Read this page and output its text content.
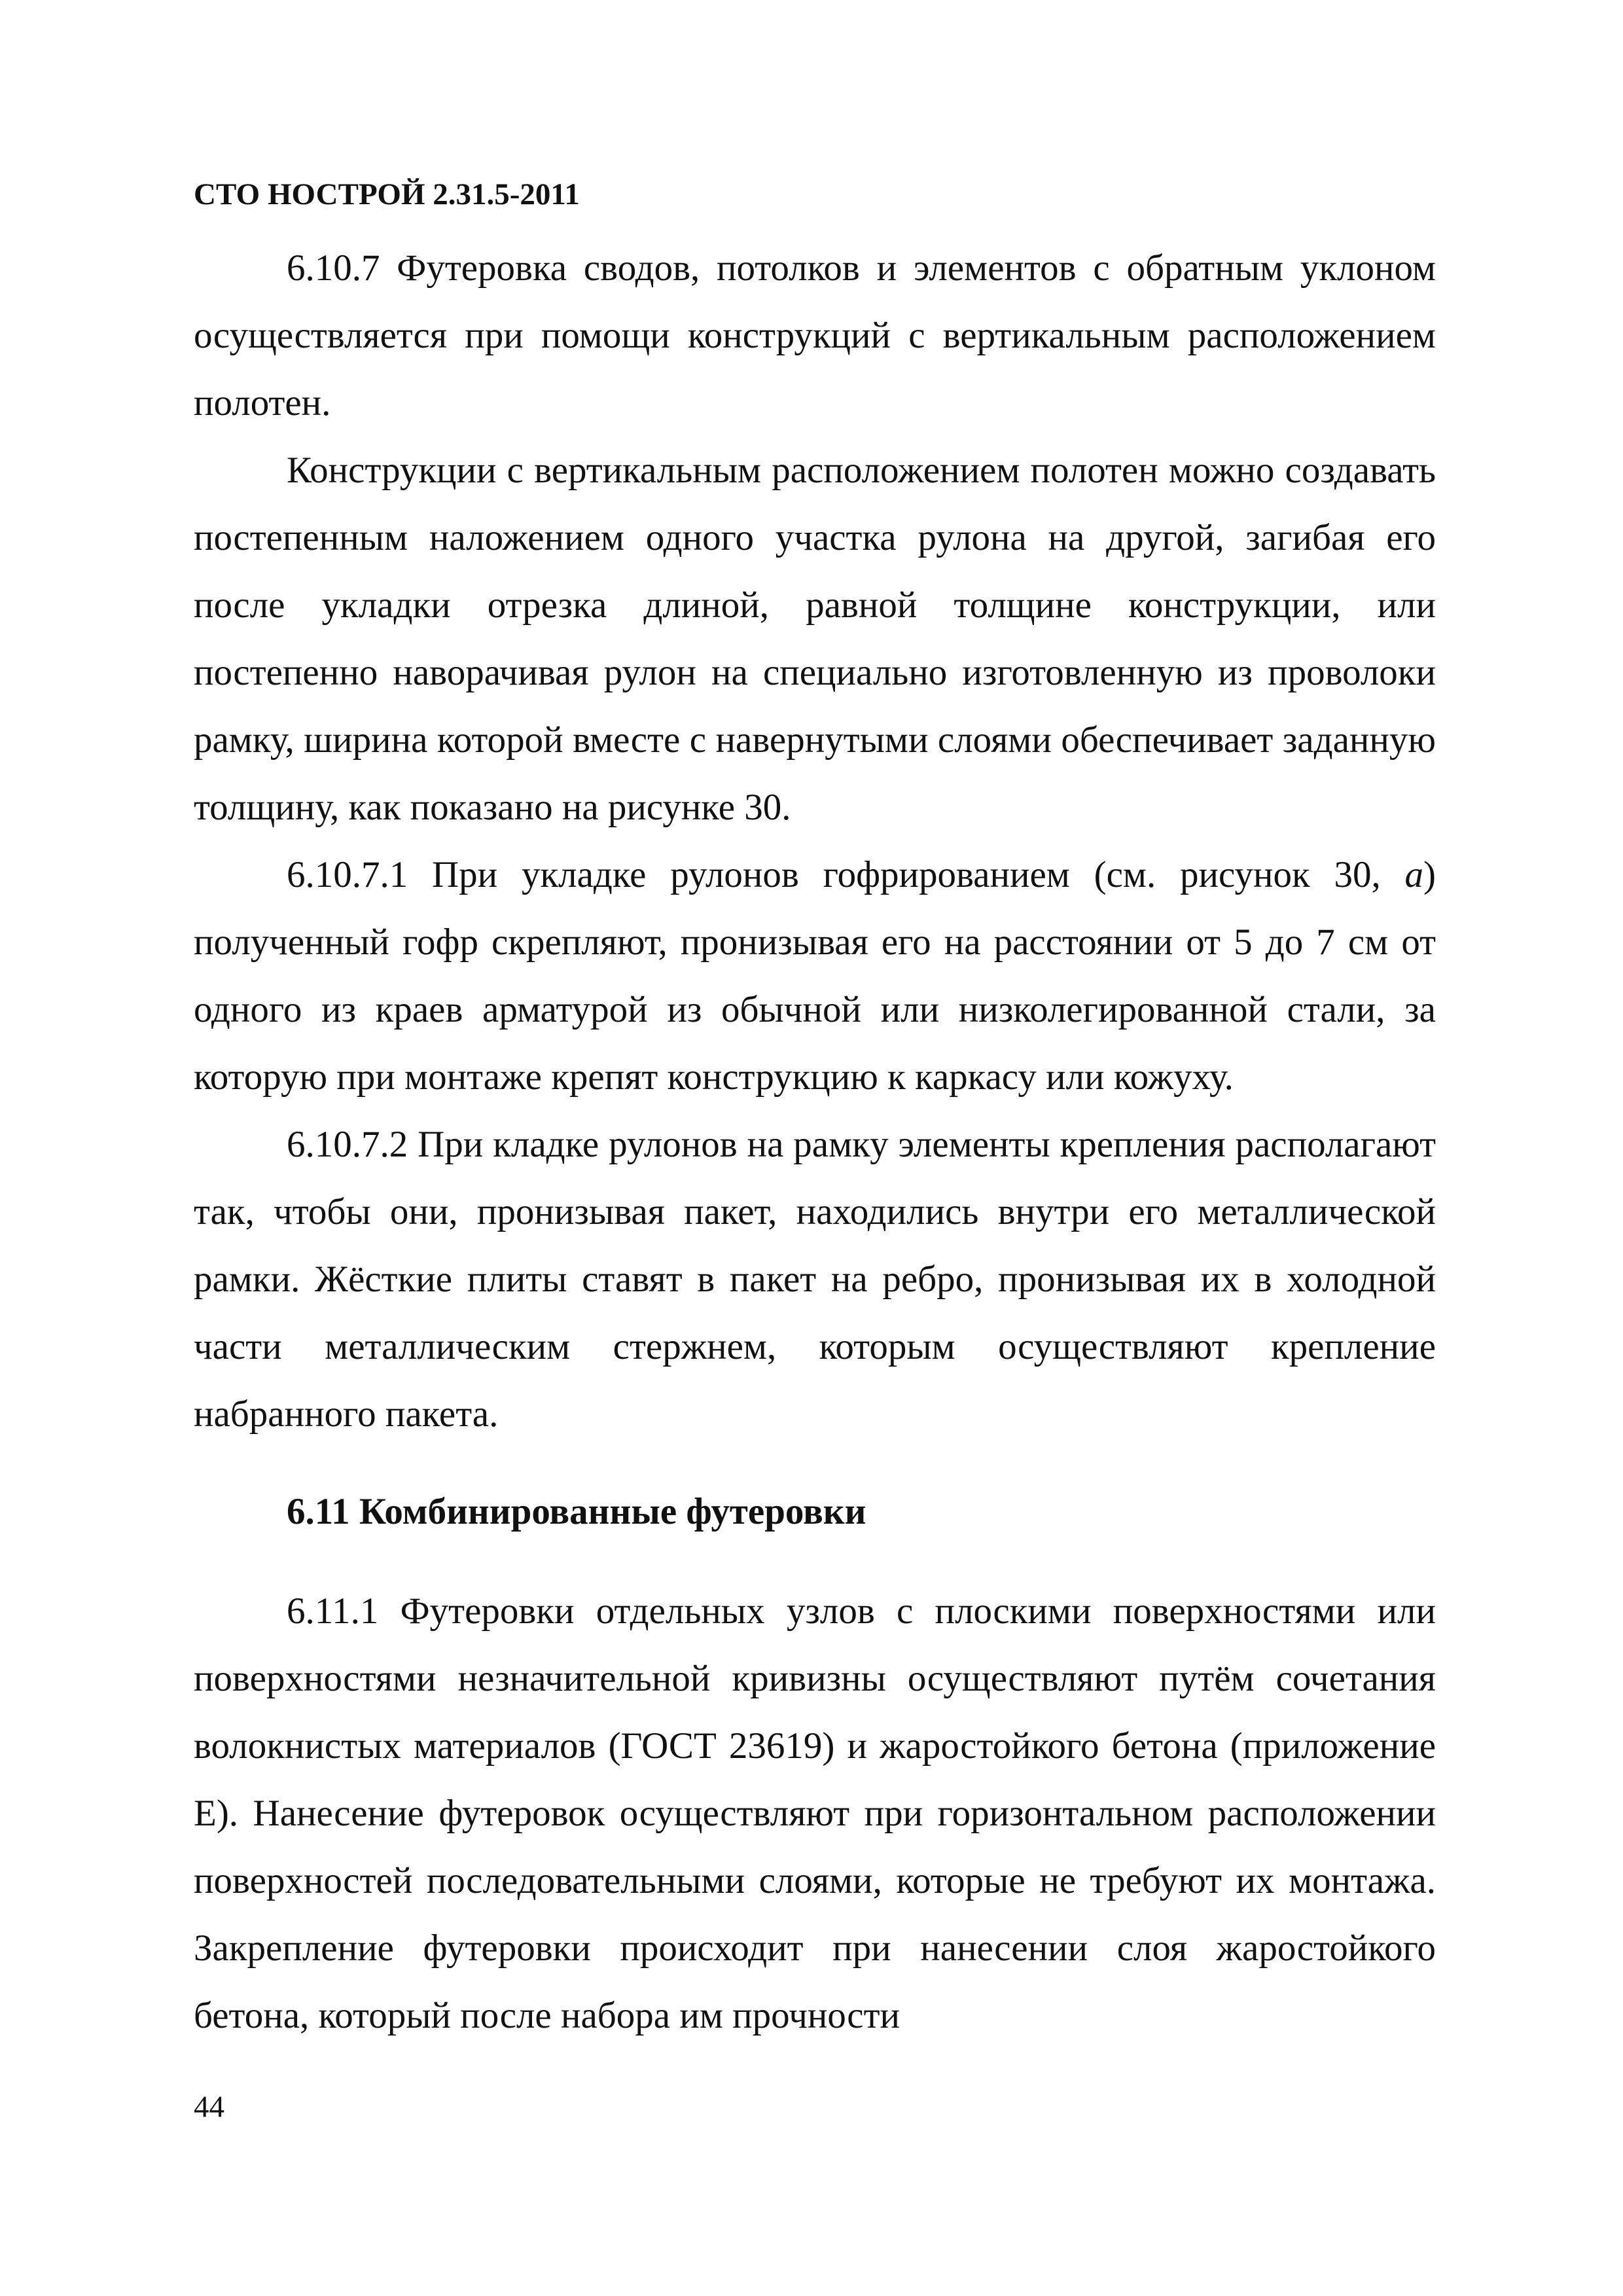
СТО НОСТРОЙ 2.31.5-2011

6.10.7 Футеровка сводов, потолков и элементов с обратным уклоном осуществляется при помощи конструкций с вертикальным расположением полотен.

Конструкции с вертикальным расположением полотен можно создавать постепенным наложением одного участка рулона на другой, загибая его после укладки отрезка длиной, равной толщине конструкции, или постепенно наворачивая рулон на специально изготовленную из проволоки рамку, ширина которой вместе с навернутыми слоями обеспечивает заданную толщину, как показано на рисунке 30.

6.10.7.1 При укладке рулонов гофрированием (см. рисунок 30, а) полученный гофр скрепляют, пронизывая его на расстоянии от 5 до 7 см от одного из краев арматурой из обычной или низколегированной стали, за которую при монтаже крепят конструкцию к каркасу или кожуху.

6.10.7.2 При кладке рулонов на рамку элементы крепления располагают так, чтобы они, пронизывая пакет, находились внутри его металлической рамки. Жёсткие плиты ставят в пакет на ребро, пронизывая их в холодной части металлическим стержнем, которым осуществляют крепление набранного пакета.

6.11 Комбинированные футеровки

6.11.1 Футеровки отдельных узлов с плоскими поверхностями или поверхностями незначительной кривизны осуществляют путём сочетания волокнистых материалов (ГОСТ 23619) и жаростойкого бетона (приложение Е). Нанесение футеровок осуществляют при горизонтальном расположении поверхностей последовательными слоями, которые не требуют их монтажа. Закрепление футеровки происходит при нанесении слоя жаростойкого бетона, который после набора им прочности

44
